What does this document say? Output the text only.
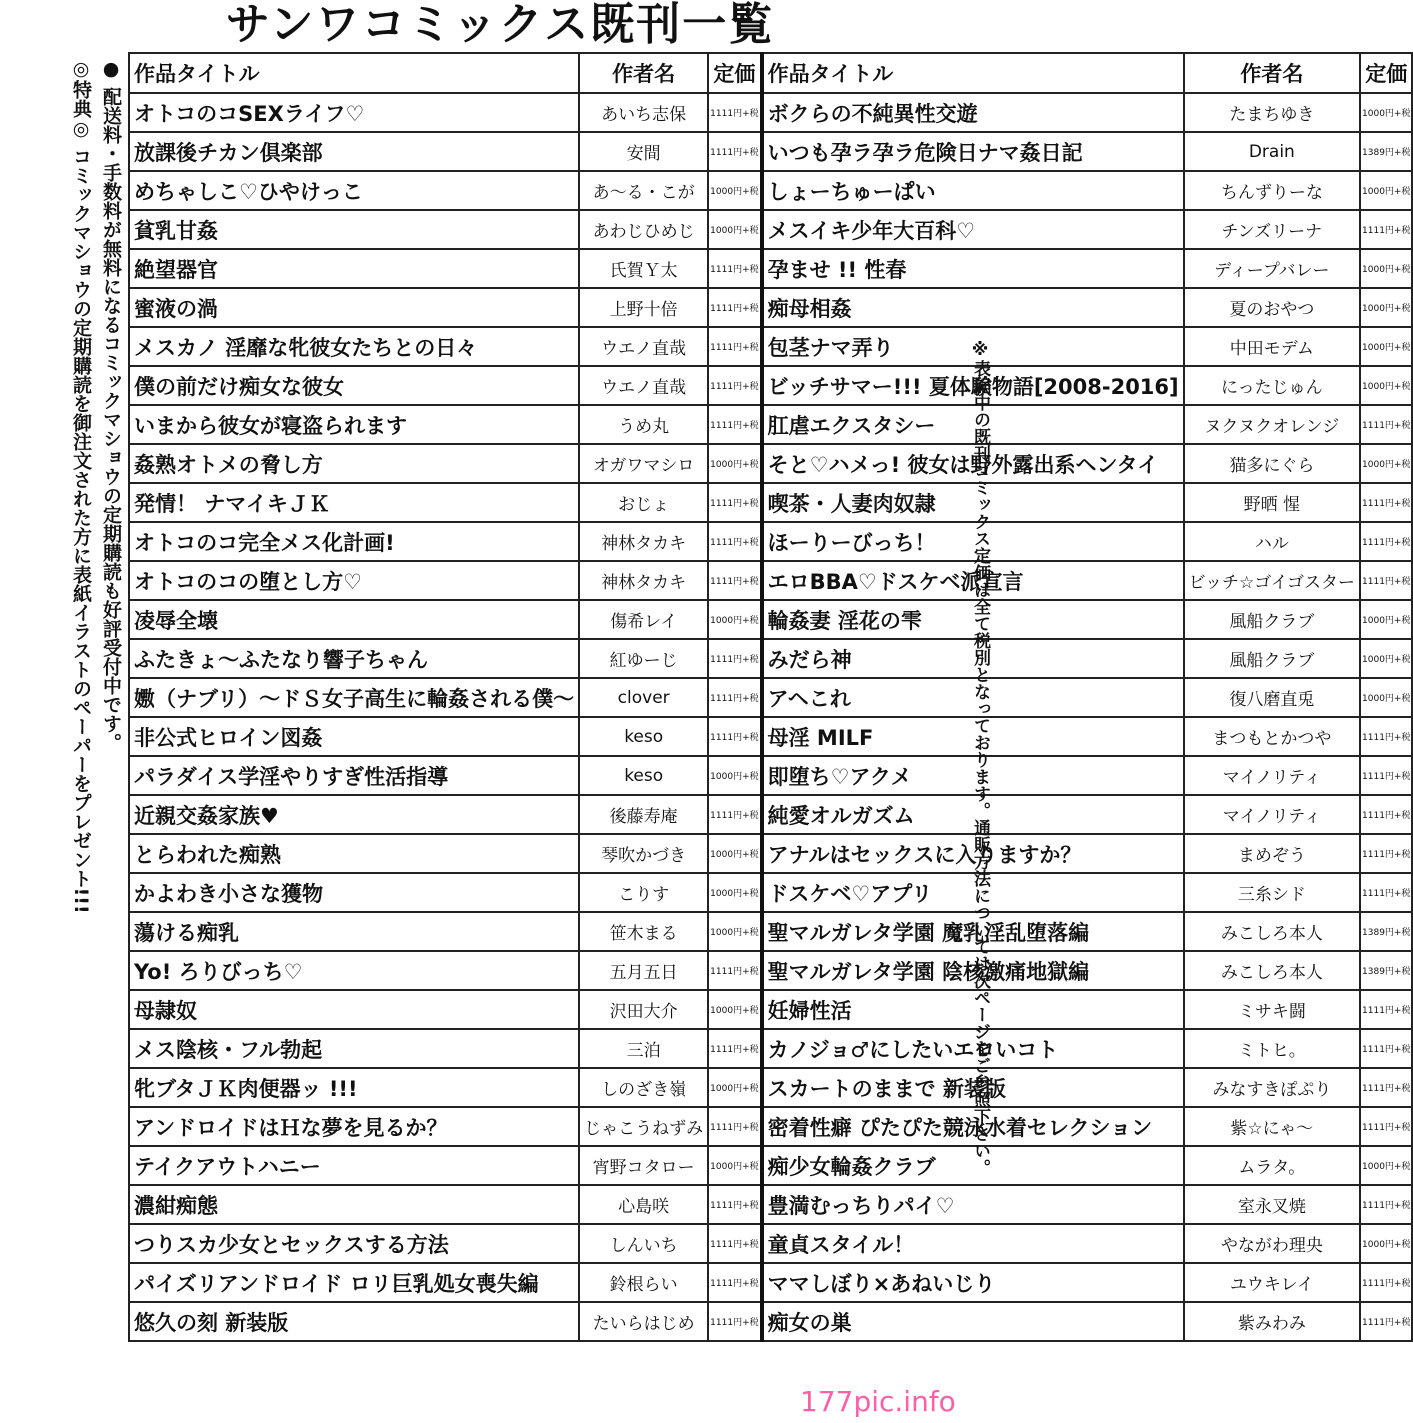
サンワコミックス既刊一覧
● 配送料・手数料が無料になるコミックマショウの定期購読も好評受付中です。
◎特典◎ コミックマショウの定期購読を御注文された方に表紙イラストのペーパーをプレゼント!!! 作品タイトル	作者名	定価	作品タイトル	作者名	定価
オトコのコSEXライフ♡	あいち志保	1111円+税	ボクらの不純異性交遊	たまちゆき	1000円+税
放課後チカン倶楽部	安間	1111円+税	いつも孕ラ孕ラ危険日ナマ姦日記	Drain	1389円+税
めちゃしこ♡ひやけっこ	あ〜る・こが	1000円+税	しょーちゅーぱい	ちんずりーな	1000円+税
貧乳甘姦	あわじひめじ	1000円+税	メスイキ少年大百科♡	チンズリーナ	1111円+税
絶望器官	氏賀Ｙ太	1111円+税	孕ませ !! 性春	ディープバレー	1000円+税
蜜液の渦	上野十倍	1111円+税	痴母相姦	夏のおやつ	1000円+税
メスカノ 淫靡な牝彼女たちとの日々	ウエノ直哉	1111円+税	包茎ナマ弄り	中田モデム	1000円+税
僕の前だけ痴女な彼女	ウエノ直哉	1111円+税	ビッチサマー!!! 夏体験物語[2008-2016]	にったじゅん	1000円+税
いまから彼女が寝盗られます	うめ丸	1111円+税	肛虐エクスタシー	ヌクヌクオレンジ	1111円+税
姦熟オトメの脅し方	オガワマシロ	1000円+税	そと♡ハメっ! 彼女は野外露出系ヘンタイ	猫多にぐら	1000円+税
発情！ ナマイキＪＫ	おじょ	1111円+税	喫茶・人妻肉奴隷	野晒 惺	1111円+税
オトコのコ完全メス化計画!	神林タカキ	1111円+税	ほーりーびっち！	ハル	1111円+税
オトコのコの堕とし方♡	神林タカキ	1111円+税	エロBBA♡ドスケベ派宣言	ビッチ☆ゴイゴスター	1111円+税
凌辱全壊	傷希レイ	1000円+税	輪姦妻 淫花の雫	風船クラブ	1000円+税
ふたきょ〜ふたなり響子ちゃん	紅ゆーじ	1111円+税	みだら神	風船クラブ	1000円+税
嫐（ナブリ）〜ドＳ女子高生に輪姦される僕〜	clover	1111円+税	アヘこれ	復八磨直兎	1000円+税
非公式ヒロイン図姦	keso	1111円+税	母淫 MILF	まつもとかつや	1111円+税
パラダイス学淫やりすぎ性活指導	keso	1000円+税	即堕ち♡アクメ	マイノリティ	1111円+税
近親交姦家族♥	後藤寿庵	1111円+税	純愛オルガズム	マイノリティ	1111円+税
とらわれた痴熟	琴吹かづき	1000円+税	アナルはセックスに入りますか？	まめぞう	1111円+税
かよわき小さな獲物	こりす	1000円+税	ドスケベ♡アプリ	三糸シド	1111円+税
蕩ける痴乳	笹木まる	1000円+税	聖マルガレタ学園 魔乳淫乱堕落編	みこしろ本人	1389円+税
Yo! ろりびっち♡	五月五日	1111円+税	聖マルガレタ学園 陰核激痛地獄編	みこしろ本人	1389円+税
母隷奴	沢田大介	1000円+税	妊婦性活	ミサキ闘	1111円+税
メス陰核・フル勃起	三泊	1111円+税	カノジョ♂にしたいエロいコト	ミトヒ。	1111円+税
牝ブタＪＫ肉便器ッ !!!	しのざき嶺	1000円+税	スカートのままで 新装版	みなすきぽぷり	1111円+税
アンドロイドはＨな夢を見るか？	じゃこうねずみ	1111円+税	密着性癖 ぴたぴた競泳水着セレクション	紫☆にゃ〜	1111円+税
テイクアウトハニー	宵野コタロー	1000円+税	痴少女輪姦クラブ	ムラタ。	1000円+税
濃紺痴態	心島咲	1111円+税	豊満むっちりパイ♡	室永叉焼	1111円+税
つりスカ少女とセックスする方法	しんいち	1111円+税	童貞スタイル！	やながわ理央	1000円+税
パイズリアンドロイド ロリ巨乳処女喪失編	鈴根らい	1111円+税	ママしぼり×あねいじり	ユウキレイ	1111円+税
悠久の刻 新装版	たいらはじめ	1111円+税	痴女の巣	紫みわみ	1111円+税
※表記中の既刊コミックス定価は全て税別となっております。通販方法については次ページをご参照下さい。
177pic.info
